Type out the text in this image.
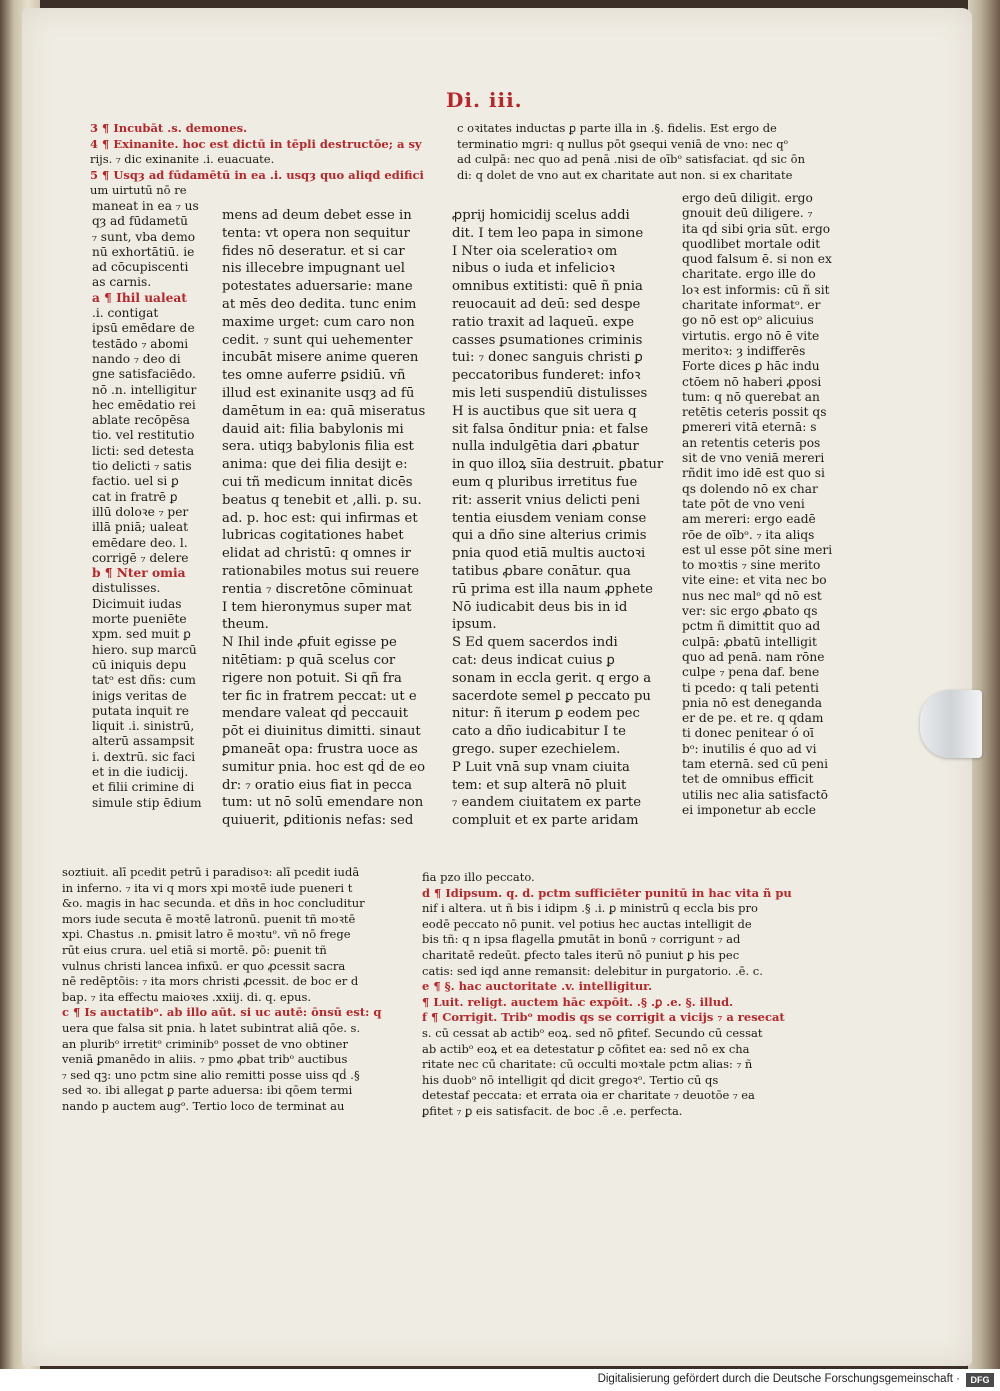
Di. iii.

3 ¶ Incubāt .s. demones.

4 ¶ Exinanite. hoc est dictū in tēpli destructōe; a sy

rijs. ₇ dic exinanite .i. euacuate.

5 ¶ Usqȝ ad fūdamētū in ea .i. usqȝ quo aliqd edifici

um uirtutū nō re

c oꝛitates inductas ꝑ parte illa in .§. fidelis. Est ergo de

terminatio mgri: q nullus pōt ꝯsequi veniā de vno: nec qᵒ

ad culpā: nec quo ad penā .nisi de oībᵒ satisfaciat. qḋ sic ōn

di: q dolet de vno aut ex charitate aut non. si ex charitate

maneat in ea ₇ us

qȝ ad fūdametū

₇ sunt, vba demo

nū exhortātiū. ie

ad cōcupiscenti

as carnis.

a ¶ Ihil ualeat

.i. contigat

ipsū emēdare de

testādo ₇ abomi

nando ₇ deo di

gne satisfaciēdo.

nō .n. intelligitur

hec emēdatio rei

ablate recōpēsa

tio. vel restitutio

licti: sed detesta

tio delicti ₇ satis

factio. uel si ꝑ

cat in fratrē ꝑ

illū doloꝛe ₇ per

illā pniā; ualeat

emēdare deo. l.

corrigē ₇ delere

b ¶ Nter omia

distulisses.

Dicimuit iudas

morte pueniēte

xpm. sed muit ꝑ

hiero. sup marcū

cū iniquis depu

tatᵒ est dñs: cum

inigs veritas de

putata inquit re

liquit .i. sinistrū,

alterū assampsit

i. dextrū. sic faci

et in die iudicij.

et filii crimine di

simule stip ēdium

mens ad deum debet esse in

tenta: vt opera non sequitur

fides nō deseratur. et si car

nis illecebre impugnant uel

potestates aduersarie: mane

at mēs deo dedita. tunc enim

maxime urget: cum caro non

cedit. ₇ sunt qui uehementer

incubāt misere anime queren

tes omne auferre ꝑsidiū. vñ

illud est exinanite usqȝ ad fū

damētum in ea: quā miseratus

dauid ait: filia babylonis mi

sera. utiqȝ babylonis filia est

anima: que dei filia desijt e:

cui tñ medicum innitat dicēs

beatus q tenebit et ,alli. p. su.

ad. p. hoc est: qui infirmas et

lubricas cogitationes habet

elidat ad christū: q omnes ir

rationabiles motus sui reuere

rentia ₇ discretōne cōminuat

I tem hieronymus super mat

theum.

N Ihil inde ꝓfuit egisse pe

nitētiam: p quā scelus cor

rigere non potuit. Si qñ fra

ter fic in fratrem peccat: ut e

mendare valeat qḋ peccauit

pōt ei diuinitus dimitti. sinaut

ꝑmaneāt opa: frustra uoce as

sumitur pnia. hoc est qḋ de eo

dr: ₇ oratio eius fiat in pecca

tum: ut nō solū emendare non

quiuerit, ꝑditionis nefas: sed

ꝓprij homicidij scelus addi

dit. I tem leo papa in simone

I Nter oia sceleratioꝛ om

nibus o iuda et infelicioꝛ

omnibus extitisti: quē ñ pnia

reuocauit ad deū: sed despe

ratio traxit ad laqueū. expe

casses ꝑsumationes criminis

tui: ₇ donec sanguis christi ꝑ

peccatoribus funderet: infoꝛ

mis leti suspendiū distulisses

H is auctibus que sit uera q

sit falsa ōnditur pnia: et false

nulla indulgētia dari ꝓbatur

in quo illoꝝ sīia destruit. ꝑbatur

eum q pluribus irretitus fue

rit: asserit vnius delicti peni

tentia eiusdem veniam conse

qui a dño sine alterius crimis

pnia quod etiā multis auctoꝛi

tatibus ꝓbare conātur. qua

rū prima est illa naum ꝓphete

Nō iudicabit deus bis in id

ipsum.

S Ed quem sacerdos indi

cat: deus indicat cuius ꝑ

sonam in eccla gerit. q ergo a

sacerdote semel ꝑ peccato pu

nitur: ñ iterum ꝑ eodem pec

cato a dño iudicabitur I te

grego. super ezechielem.

P Luit vnā sup vnam ciuita

tem: et sup alterā nō pluit

₇ eandem ciuitatem ex parte

compluit et ex parte aridam

ergo deū diligit. ergo

gnouit deū diligere. ₇

ita qḋ sibi ꝯria sūt. ergo

quodlibet mortale odit

quod falsum ē. si non ex

charitate. ergo ille do

loꝛ est informis: cū ñ sit

charitate informatᵒ. er

go nō est opᵒ alicuius

virtutis. ergo nō ē vite

meritoꝛ: ȝ indifferēs

Forte dices ꝑ hāc indu

ctōem nō haberi ꝓposi

tum: q nō querebat an

retētis ceteris possit qs

ꝑmereri vitā eternā: s

an retentis ceteris pos

sit de vno veniā mereri

rñdit imo idē est quo si

qs dolendo nō ex char

tate pōt de vno veni

am mereri: ergo eadē

rōe de oībᵒ. ₇ ita aliqs

est ul esse pōt sine meri

to moꝛtis ₇ sine merito

vite eine: et vita nec bo

nus nec malᵒ qḋ nō est

ver: sic ergo ꝓbato qs

pctm ñ dimittit quo ad

culpā: ꝓbatū intelligit

quo ad penā. nam rōne

culpe ₇ pena daf. bene

ti pcedo: q tali petenti

pnia nō est deneganda

er de pe. et re. q qdam

ti donec penitear ó oī

bᵒ: inutilis é quo ad vi

tam eternā. sed cū peni

tet de omnibus efficit

utilis nec alia satisfactō

ei imponetur ab eccle

soztiuit. alī pcedit petrū i paradisoꝛ: alī pcedit iudā

in inferno. ₇ ita vi q mors xpi moꝛtē iude pueneri t

&o. magis in hac secunda. et dñs in hoc concluditur

mors iude secuta ē moꝛtē latronū. puenit tñ moꝛtē

xpi. Chastus .n. ꝑmisit latro ē moꝛtuᵒ. vñ nō frege

rūt eius crura. uel etiā si mortē. ꝑō: ꝑuenit tñ

vulnus christi lancea infixū. er quo ꝓcessit sacra

nē redēptōis: ₇ ita mors christi ꝓcessit. de boc er d

bap. ₇ ita effectu maioꝛes .xxiij. di. q. epus.

c ¶ Is auctatibᵒ. ab illo aūt. si uc autē: ōnsū est: q

uera que falsa sit pnia. h latet subintrat aliā qōe. s.

an pluribᵒ irretitᵒ criminibᵒ posset de vno obtiner

veniā ꝑmanēdo in aliis. ₇ pmo ꝓbat tribᵒ auctibus

₇ sed qꝫ: uno pctm sine alio remitti posse uiss qḋ .§

sed ꝛo. ibi allegat ꝑ parte aduersa: ibi qōem termi

nando p auctem augᵒ. Tertio loco de terminat au

fia pzo illo peccato.

d ¶ Idipsum. q. d. pctm sufficiēter punitū in hac vita ñ pu

nif i altera. ut ñ bis i idipm .§ .i. ꝑ ministrū q eccla bis pro

eodē peccato nō punit. vel potius hec auctas intelligit de

bis tñ: q n ipsa flagella ꝑmutāt in bonū ₇ corrigunt ₇ ad

charitatē redeūt. ꝑfecto tales iterū nō puniut ꝑ his pec

catis: sed iqd anne remansit: delebitur in purgatorio. .ē. c.

e ¶ §. hac auctoritate .v. intelligitur.

¶ Luit. religt. auctem hāc expōit. .§ .ꝑ .e. §. illud.

f ¶ Corrigit. Tribᵒ modis qs se corrigit a vicijs ₇ a resecat

s. cū cessat ab actibᵒ eoꝝ. sed nō ꝑfitef. Secundo cū cessat

ab actibᵒ eoꝝ et ea detestatur ꝑ cōfitet ea: sed nō ex cha

ritate nec cū charitate: cū occulti moꝛtale pctm alias: ₇ ñ

his duobᵒ nō intelligit qḋ dicit gregoꝛᵒ. Tertio cū qs

detestaf peccata: et errata oia er charitate ₇ deuotōe ₇ ea

ꝑfitet ₇ ꝑ eis satisfacit. de boc .ē .e. perfecta.

Digitalisierung gefördert durch die Deutsche Forschungsgemeinschaft ·	DFG
